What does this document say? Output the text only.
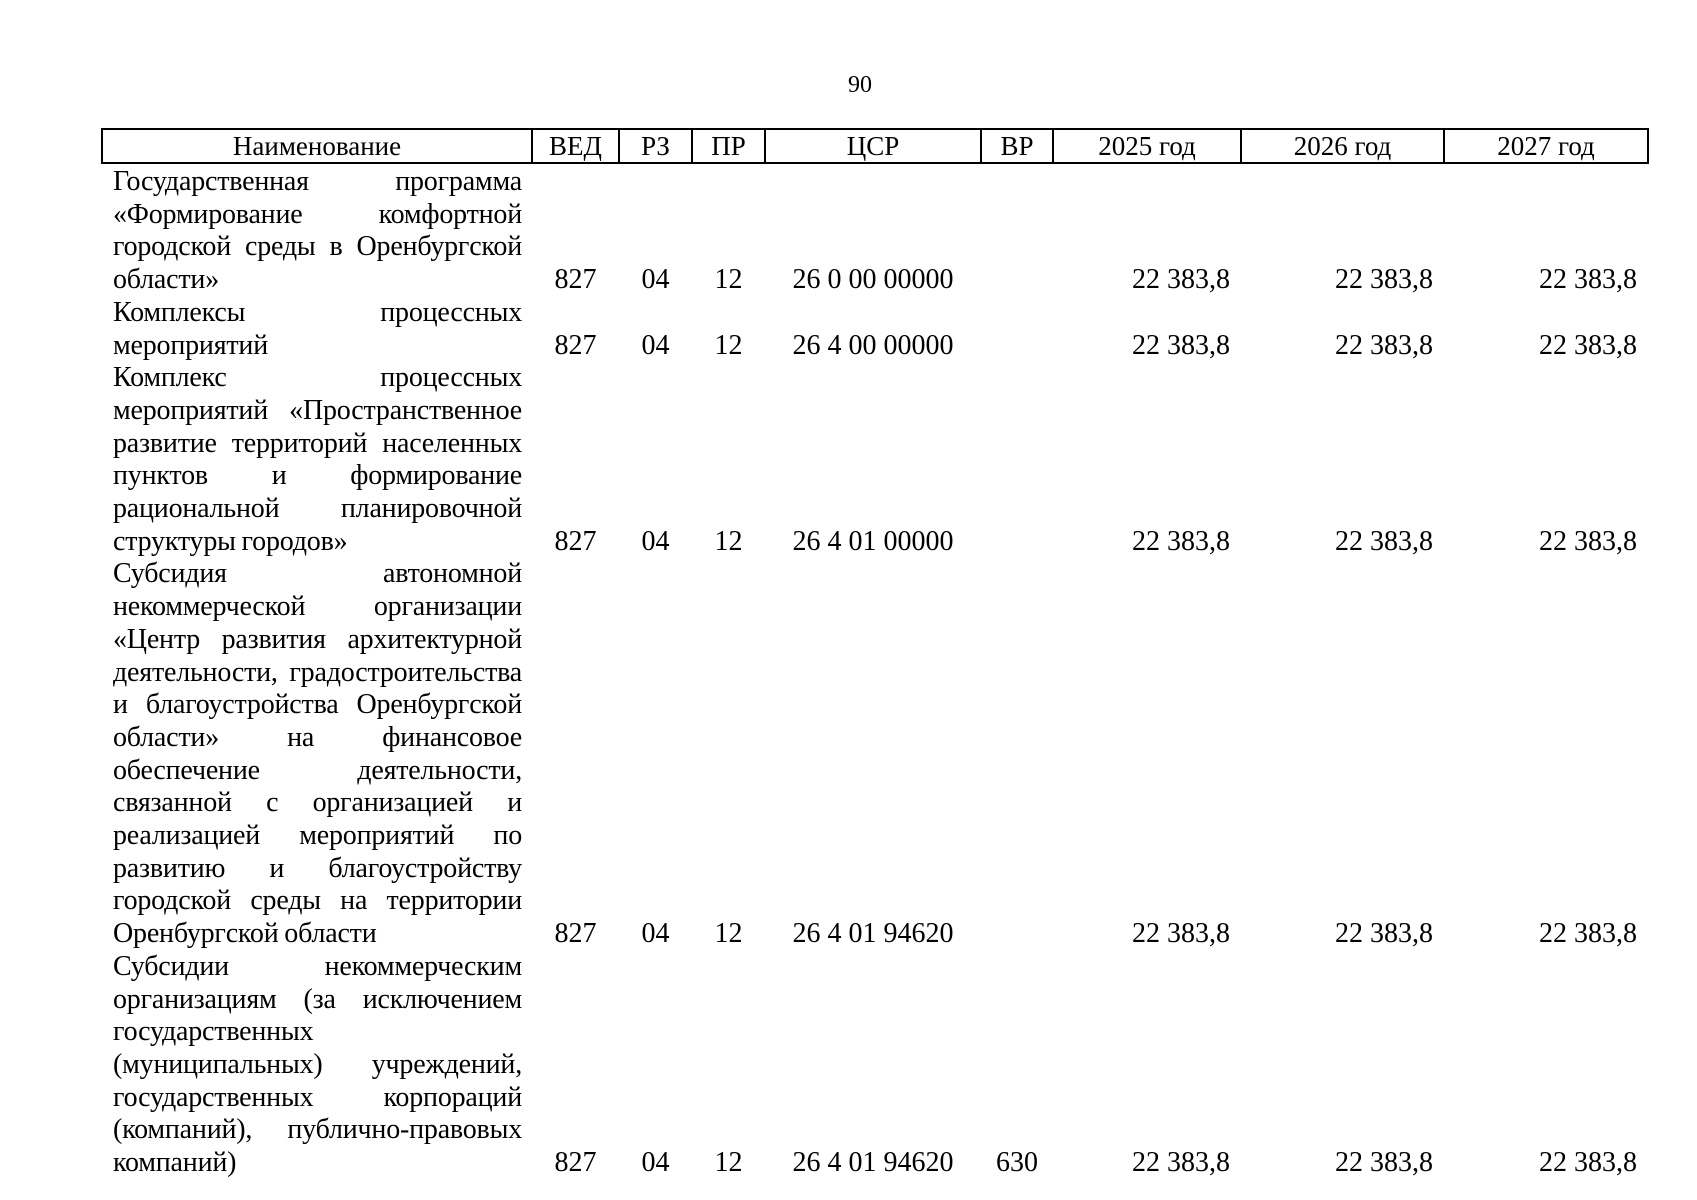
90
Наименование	ВЕД	РЗ	ПР	ЦСР	ВР	2025 год	2026 год	2027 год
Государственная программа «Формирование комфортной городской среды в Оренбургской области»	827	04	12	26 0 00 00000		22 383,8	22 383,8	22 383,8
Комплексы процессных мероприятий	827	04	12	26 4 00 00000		22 383,8	22 383,8	22 383,8
Комплекс процессных мероприятий «Пространственное развитие территорий населенных пунктов и формирование рациональной планировочной структуры городов»	827	04	12	26 4 01 00000		22 383,8	22 383,8	22 383,8
Субсидия автономной некоммерческой организации «Центр развития архитектурной деятельности, градостроительства и благоустройства Оренбургской области» на финансовое обеспечение деятельности, связанной с организацией и реализацией мероприятий по развитию и благоустройству городской среды на территории Оренбургской области	827	04	12	26 4 01 94620		22 383,8	22 383,8	22 383,8
Субсидии некоммерческим организациям (за исключением государственных (муниципальных) учреждений, государственных корпораций (компаний), публично-правовых компаний)	827	04	12	26 4 01 94620	630	22 383,8	22 383,8	22 383,8
